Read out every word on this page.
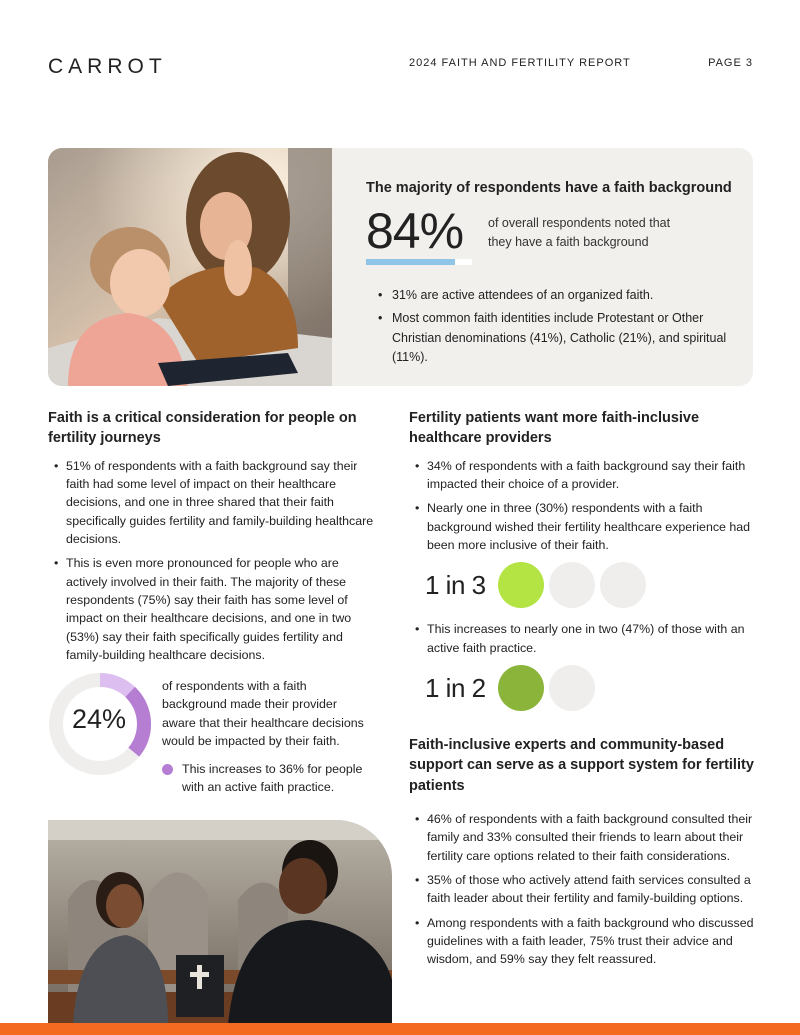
CARROT	2024 FAITH AND FERTILITY REPORT	PAGE 3
The majority of respondents have a faith background
84% of overall respondents noted that they have a faith background
• 31% are active attendees of an organized faith.
• Most common faith identities include Protestant or Other Christian denominations (41%), Catholic (21%), and spiritual (11%).
Faith is a critical consideration for people on fertility journeys
• 51% of respondents with a faith background say their faith had some level of impact on their healthcare decisions, and one in three shared that their faith specifically guides fertility and family-building healthcare decisions.
• This is even more pronounced for people who are actively involved in their faith. The majority of these respondents (75%) say their faith has some level of impact on their healthcare decisions, and one in two (53%) say their faith specifically guides fertility and family-building healthcare decisions.
24%
of respondents with a faith background made their provider aware that their healthcare decisions would be impacted by their faith.
This increases to 36% for people with an active faith practice.
Fertility patients want more faith-inclusive healthcare providers
• 34% of respondents with a faith background say their faith impacted their choice of a provider.
• Nearly one in three (30%) respondents with a faith background wished their fertility healthcare experience had been more inclusive of their faith.
1 in 3
• This increases to nearly one in two (47%) of those with an active faith practice.
1 in 2
Faith-inclusive experts and community-based support can serve as a support system for fertility patients
• 46% of respondents with a faith background consulted their family and 33% consulted their friends to learn about their fertility care options related to their faith considerations.
• 35% of those who actively attend faith services consulted a faith leader about their fertility and family-building options.
• Among respondents with a faith background who discussed guidelines with a faith leader, 75% trust their advice and wisdom, and 59% say they felt reassured.
